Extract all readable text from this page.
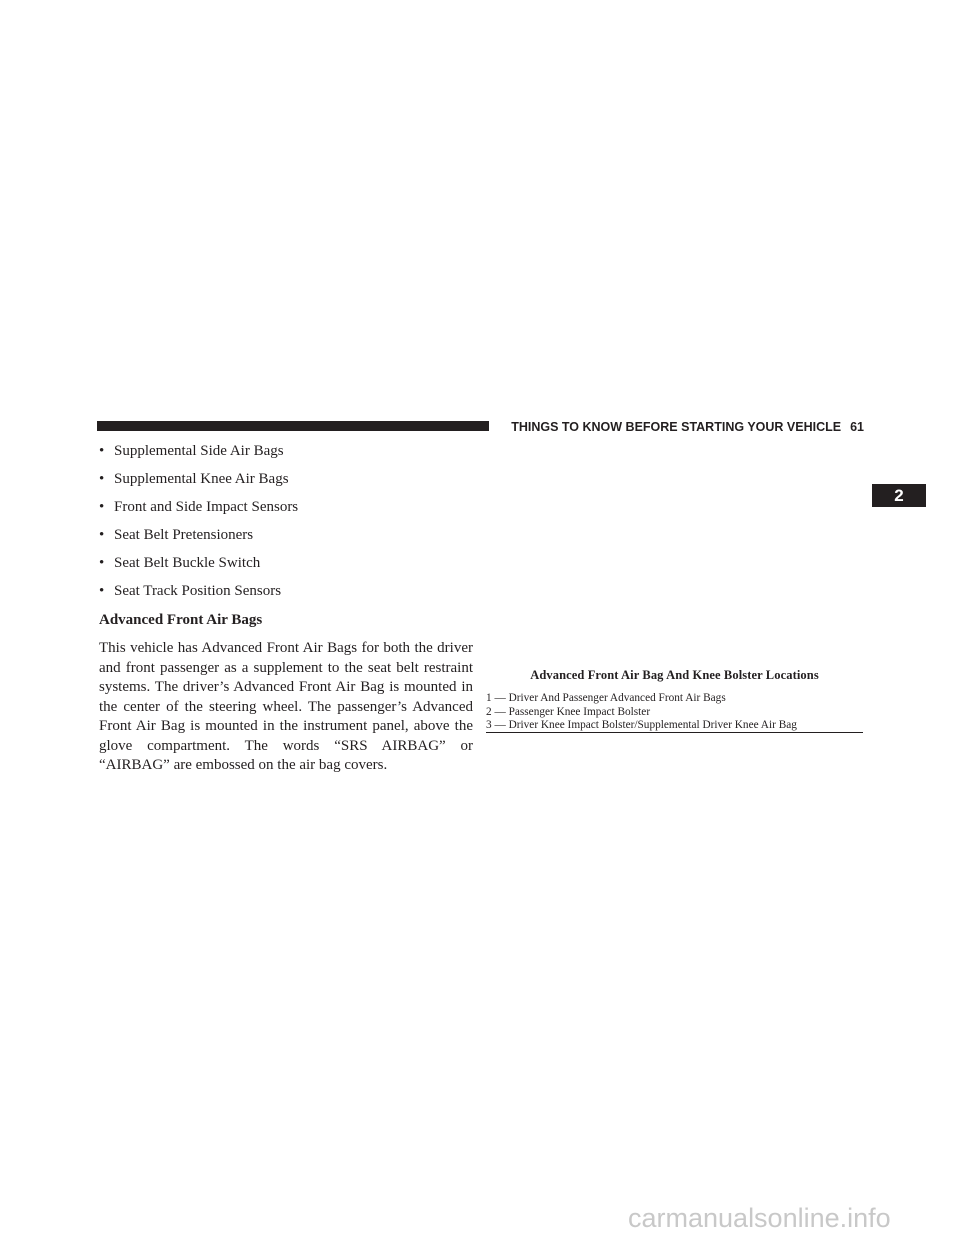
THINGS TO KNOW BEFORE STARTING YOUR VEHICLE 61
2
• Supplemental Side Air Bags
• Supplemental Knee Air Bags
• Front and Side Impact Sensors
• Seat Belt Pretensioners
• Seat Belt Buckle Switch
• Seat Track Position Sensors
Advanced Front Air Bags

This vehicle has Advanced Front Air Bags for both the driver and front passenger as a supplement to the seat belt restraint systems. The driver’s Advanced Front Air Bag is mounted in the center of the steering wheel. The passenger’s Advanced Front Air Bag is mounted in the instrument panel, above the glove compartment. The words “SRS AIRBAG” or “AIRBAG” are embossed on the air bag covers.

Advanced Front Air Bag And Knee Bolster Locations
1 — Driver And Passenger Advanced Front Air Bags
2 — Passenger Knee Impact Bolster
3 — Driver Knee Impact Bolster/Supplemental Driver Knee Air Bag
carmanualsonline.info
